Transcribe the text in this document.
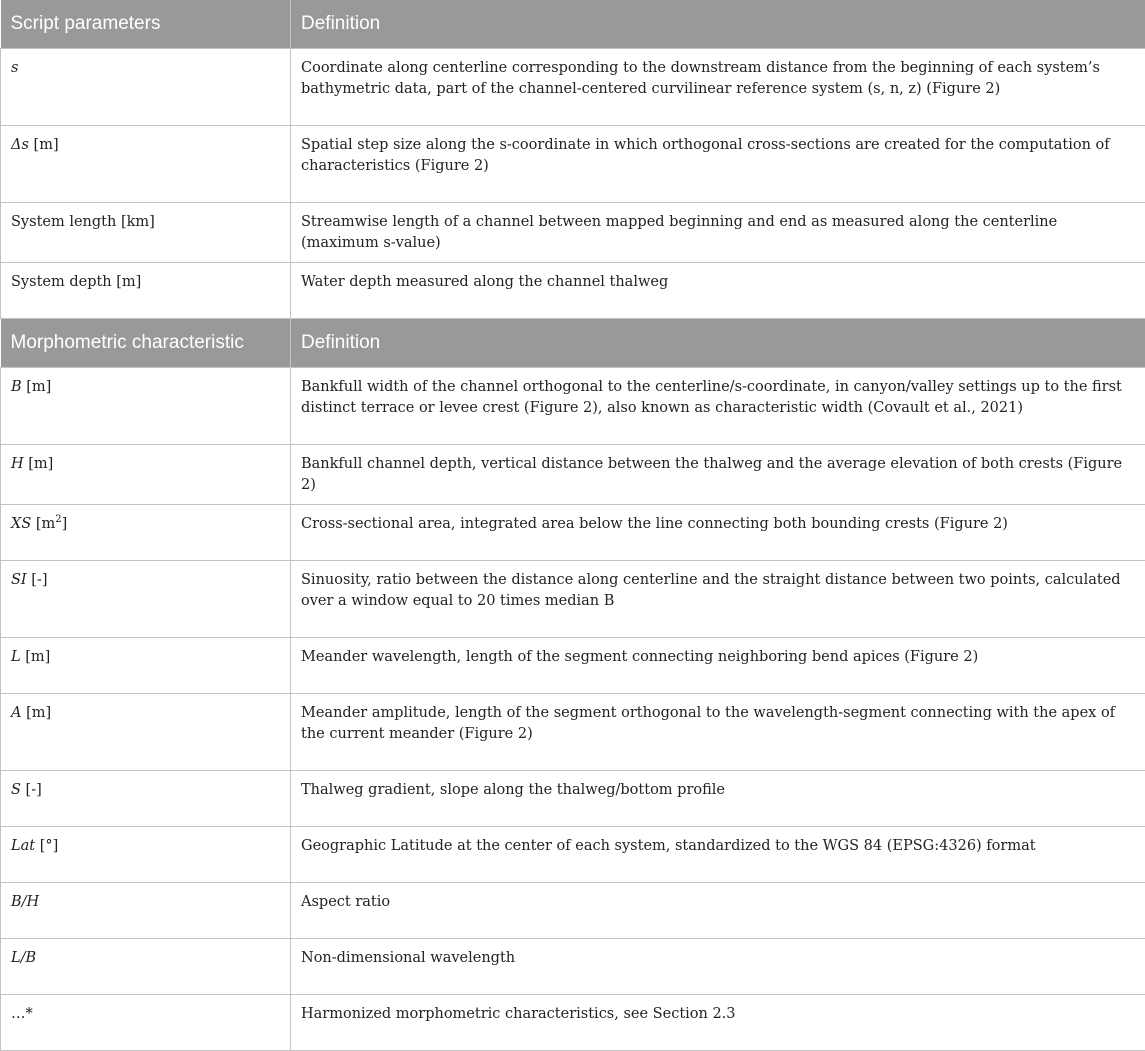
Script parameters	Definition
s	Coordinate along centerline corresponding to the downstream distance from the beginning of each system’s bathymetric data, part of the channel-centered curvilinear reference system (s, n, z) (Figure 2)
Δs [m]	Spatial step size along the s-coordinate in which orthogonal cross-sections are created for the computation of characteristics (Figure 2)
System length [km]	Streamwise length of a channel between mapped beginning and end as measured along the centerline (maximum s-value)
System depth [m]	Water depth measured along the channel thalweg
Morphometric characteristic	Definition
B [m]	Bankfull width of the channel orthogonal to the centerline/s-coordinate, in canyon/valley settings up to the first distinct terrace or levee crest (Figure 2), also known as characteristic width (Covault et al., 2021)
H [m]	Bankfull channel depth, vertical distance between the thalweg and the average elevation of both crests (Figure 2)
XS $[m^2]$	Cross-sectional area, integrated area below the line connecting both bounding crests (Figure 2)
SI [-]	Sinuosity, ratio between the distance along centerline and the straight distance between two points, calculated over a window equal to 20 times median B
L [m]	Meander wavelength, length of the segment connecting neighboring bend apices (Figure 2)
A [m]	Meander amplitude, length of the segment orthogonal to the wavelength-segment connecting with the apex of the current meander (Figure 2)
S [-]	Thalweg gradient, slope along the thalweg/bottom profile
Lat [°]	Geographic Latitude at the center of each system, standardized to the WGS 84 (EPSG:4326) format
B/H	Aspect ratio
L/B	Non-dimensional wavelength
…*	Harmonized morphometric characteristics, see Section 2.3
